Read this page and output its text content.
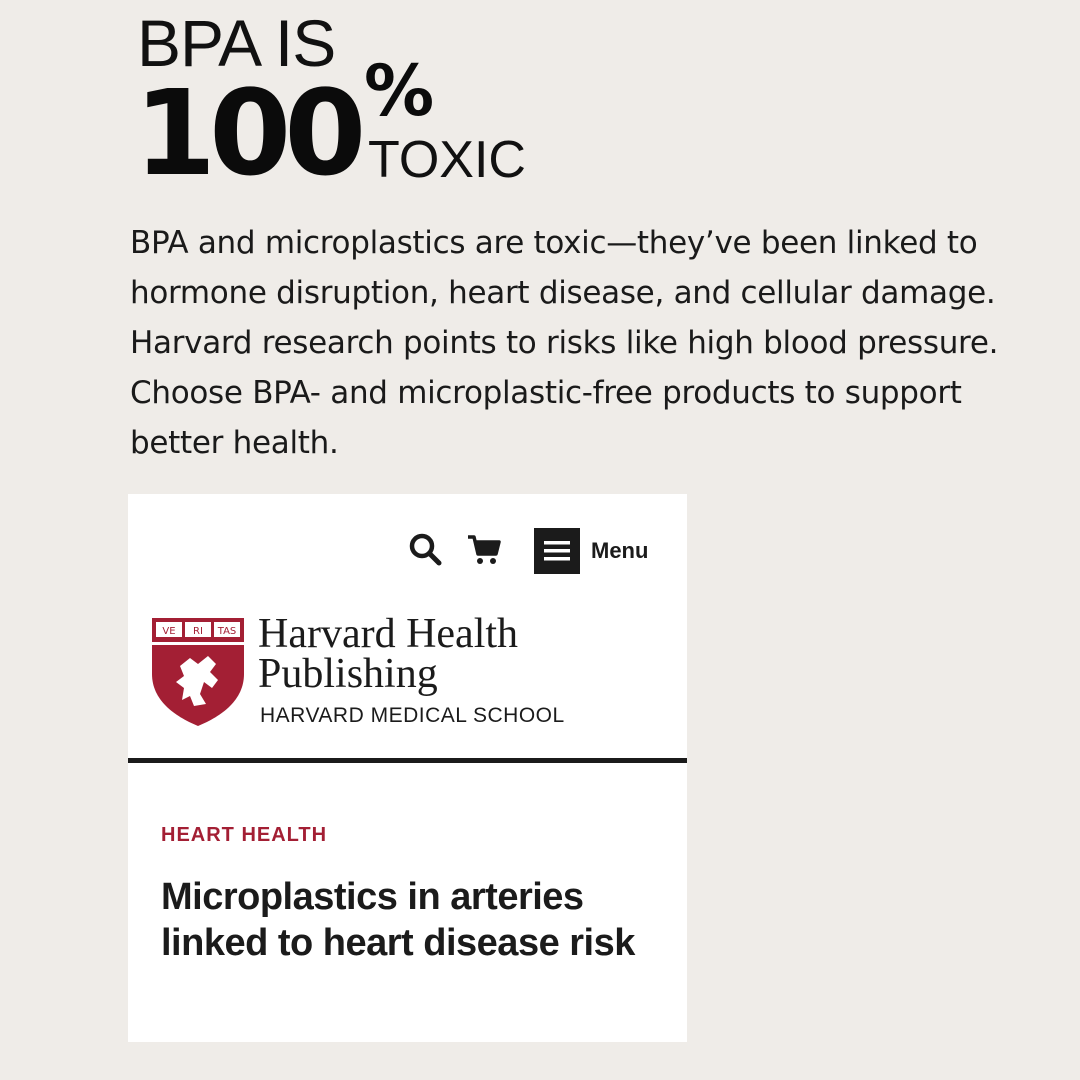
BPA IS
100 %
TOXIC
BPA and microplastics are toxic—they’ve been linked to hormone disruption, heart disease, and cellular damage. Harvard research points to risks like high blood pressure. Choose BPA- and microplastic-free products to support better health.
Menu
VE RI TAS Harvard Health Publishing
HARVARD MEDICAL SCHOOL
HEART HEALTH
Microplastics in arteries linked to heart disease risk
